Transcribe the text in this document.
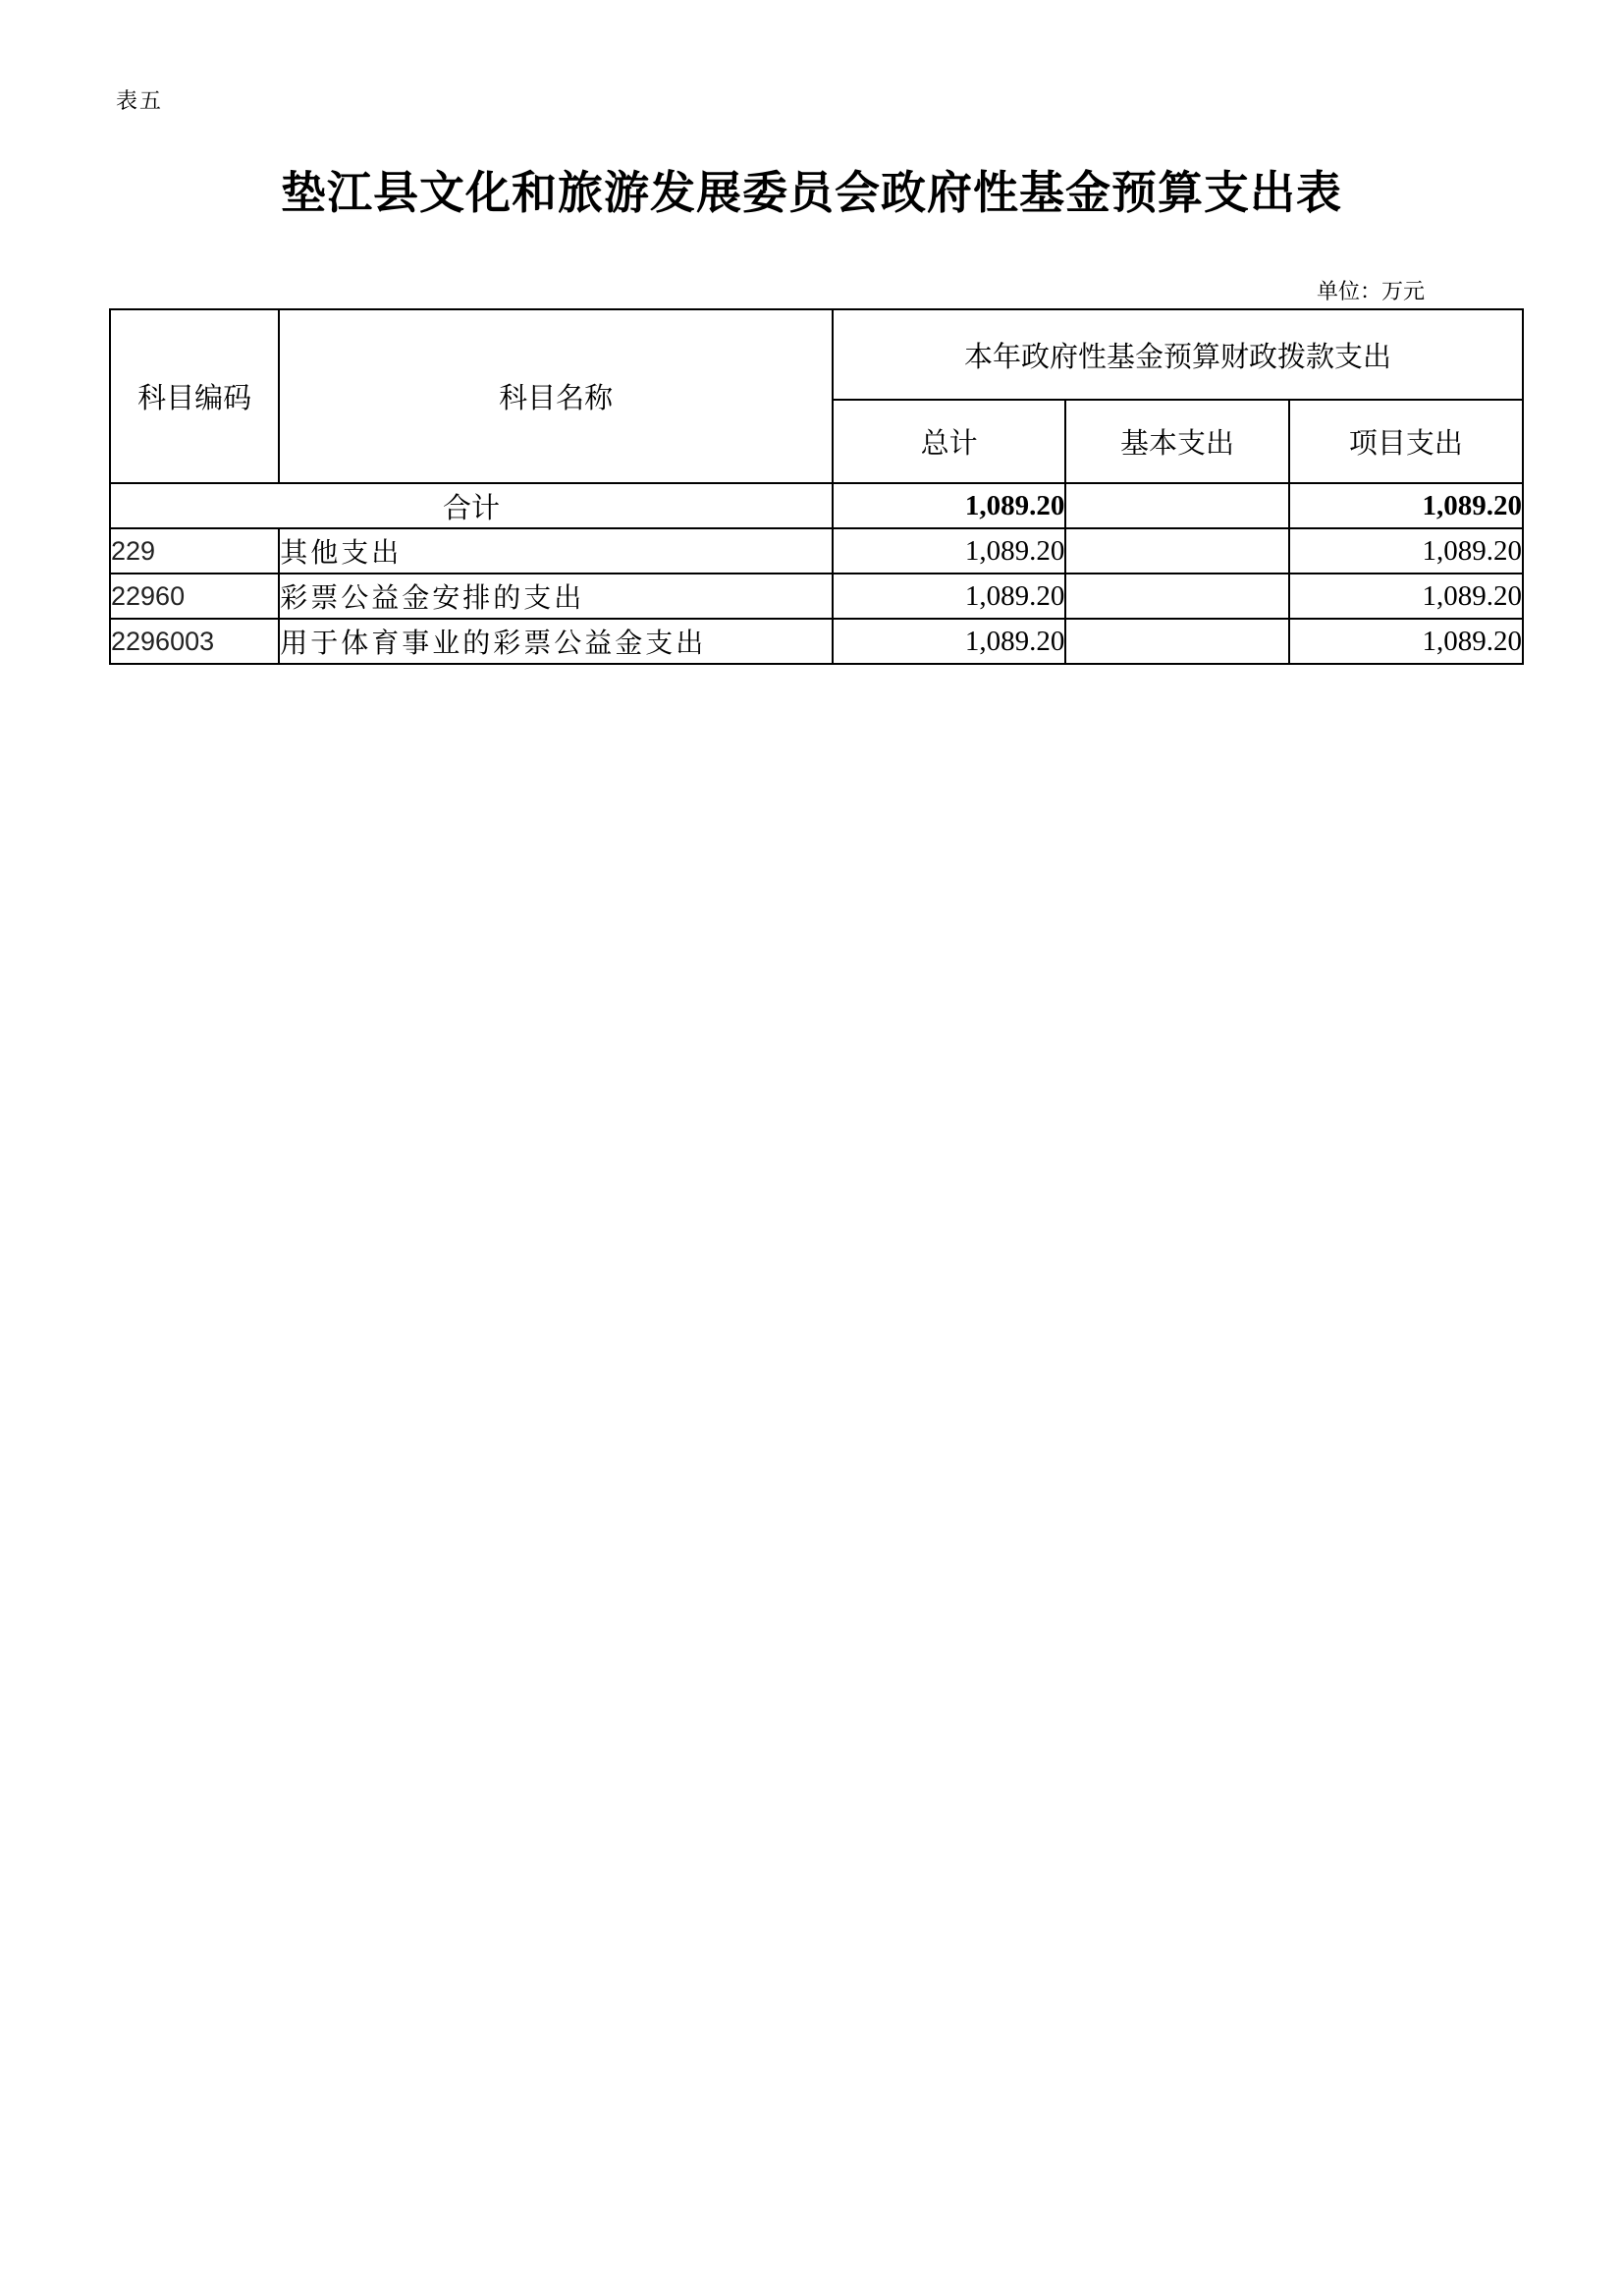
表五
垫江县文化和旅游发展委员会政府性基金预算支出表
单位：万元
科目编码	科目名称	本年政府性基金预算财政拨款支出		
		总计	基本支出	项目支出
合计		1,089.20		1,089.20
229	其他支出	1,089.20		1,089.20
22960	彩票公益金安排的支出	1,089.20		1,089.20
2296003	用于体育事业的彩票公益金支出	1,089.20		1,089.20
